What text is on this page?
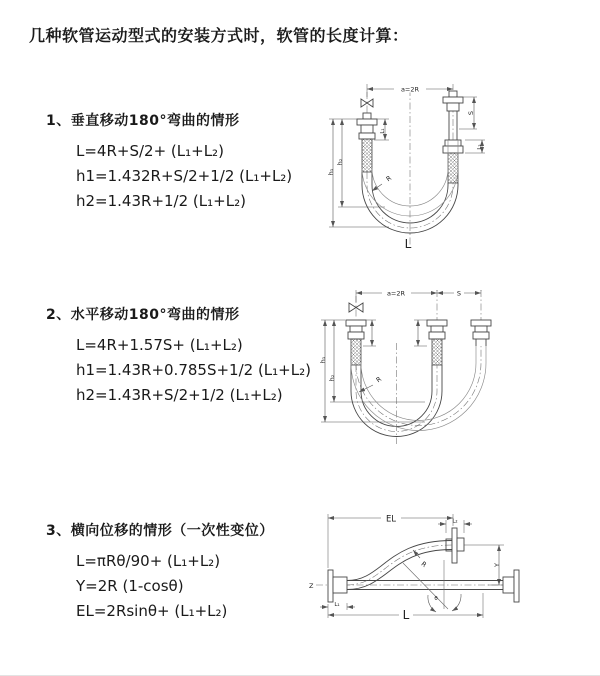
几种软管运动型式的安装方式时，软管的长度计算：
1、垂直移动180°弯曲的情形
L=4R+S/2+ (L₁+L₂)
h1=1.432R+S/2+1/2 (L₁+L₂)
h2=1.43R+1/2 (L₁+L₂)
2、水平移动180°弯曲的情形
L=4R+1.57S+ (L₁+L₂)
h1=1.43R+0.785S+1/2 (L₁+L₂)
h2=1.43R+S/2+1/2 (L₁+L₂)
3、横向位移的情形（一次性变位）
L=πRθ/90+ (L₁+L₂)
Y=2R (1-cosθ)
EL=2Rsinθ+ (L₁+L₂)
a=2R
L₁
S
L₂
h₁
h₂
R
L
a=2R	S
h₁
h₂	R
Z
EL	L₂
Y
R
θ
L₁
L
